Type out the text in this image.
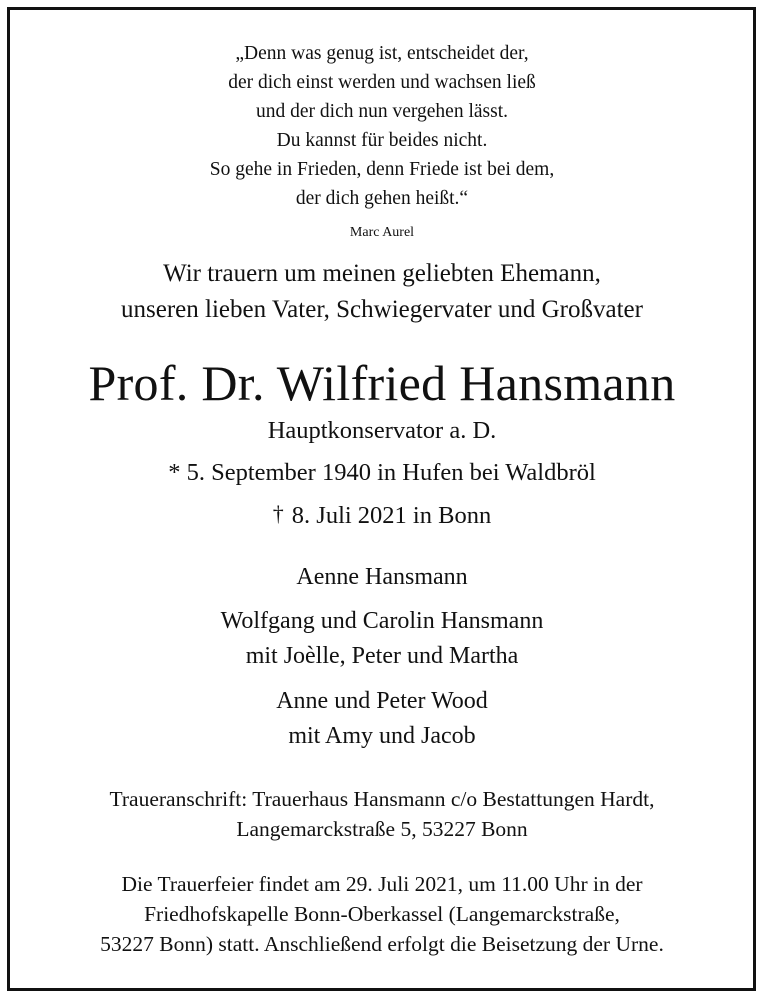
„Denn was genug ist, entscheidet der,

der dich einst werden und wachsen ließ

und der dich nun vergehen lässt.

Du kannst für beides nicht.

So gehe in Frieden, denn Friede ist bei dem,

der dich gehen heißt.“

Marc Aurel

Wir trauern um meinen geliebten Ehemann,

unseren lieben Vater, Schwiegervater und Großvater

Prof. Dr. Wilfried Hansmann

Hauptkonservator a. D.

* 5. September 1940 in Hufen bei Waldbröl

† 8. Juli 2021 in Bonn

Aenne Hansmann

Wolfgang und Carolin Hansmann

mit Joèlle, Peter und Martha

Anne und Peter Wood

mit Amy und Jacob

Traueranschrift: Trauerhaus Hansmann c/o Bestattungen Hardt,

Langemarckstraße 5, 53227 Bonn

Die Trauerfeier findet am 29. Juli 2021, um 11.00 Uhr in der

Friedhofskapelle Bonn-Oberkassel (Langemarckstraße,

53227 Bonn) statt. Anschließend erfolgt die Beisetzung der Urne.
